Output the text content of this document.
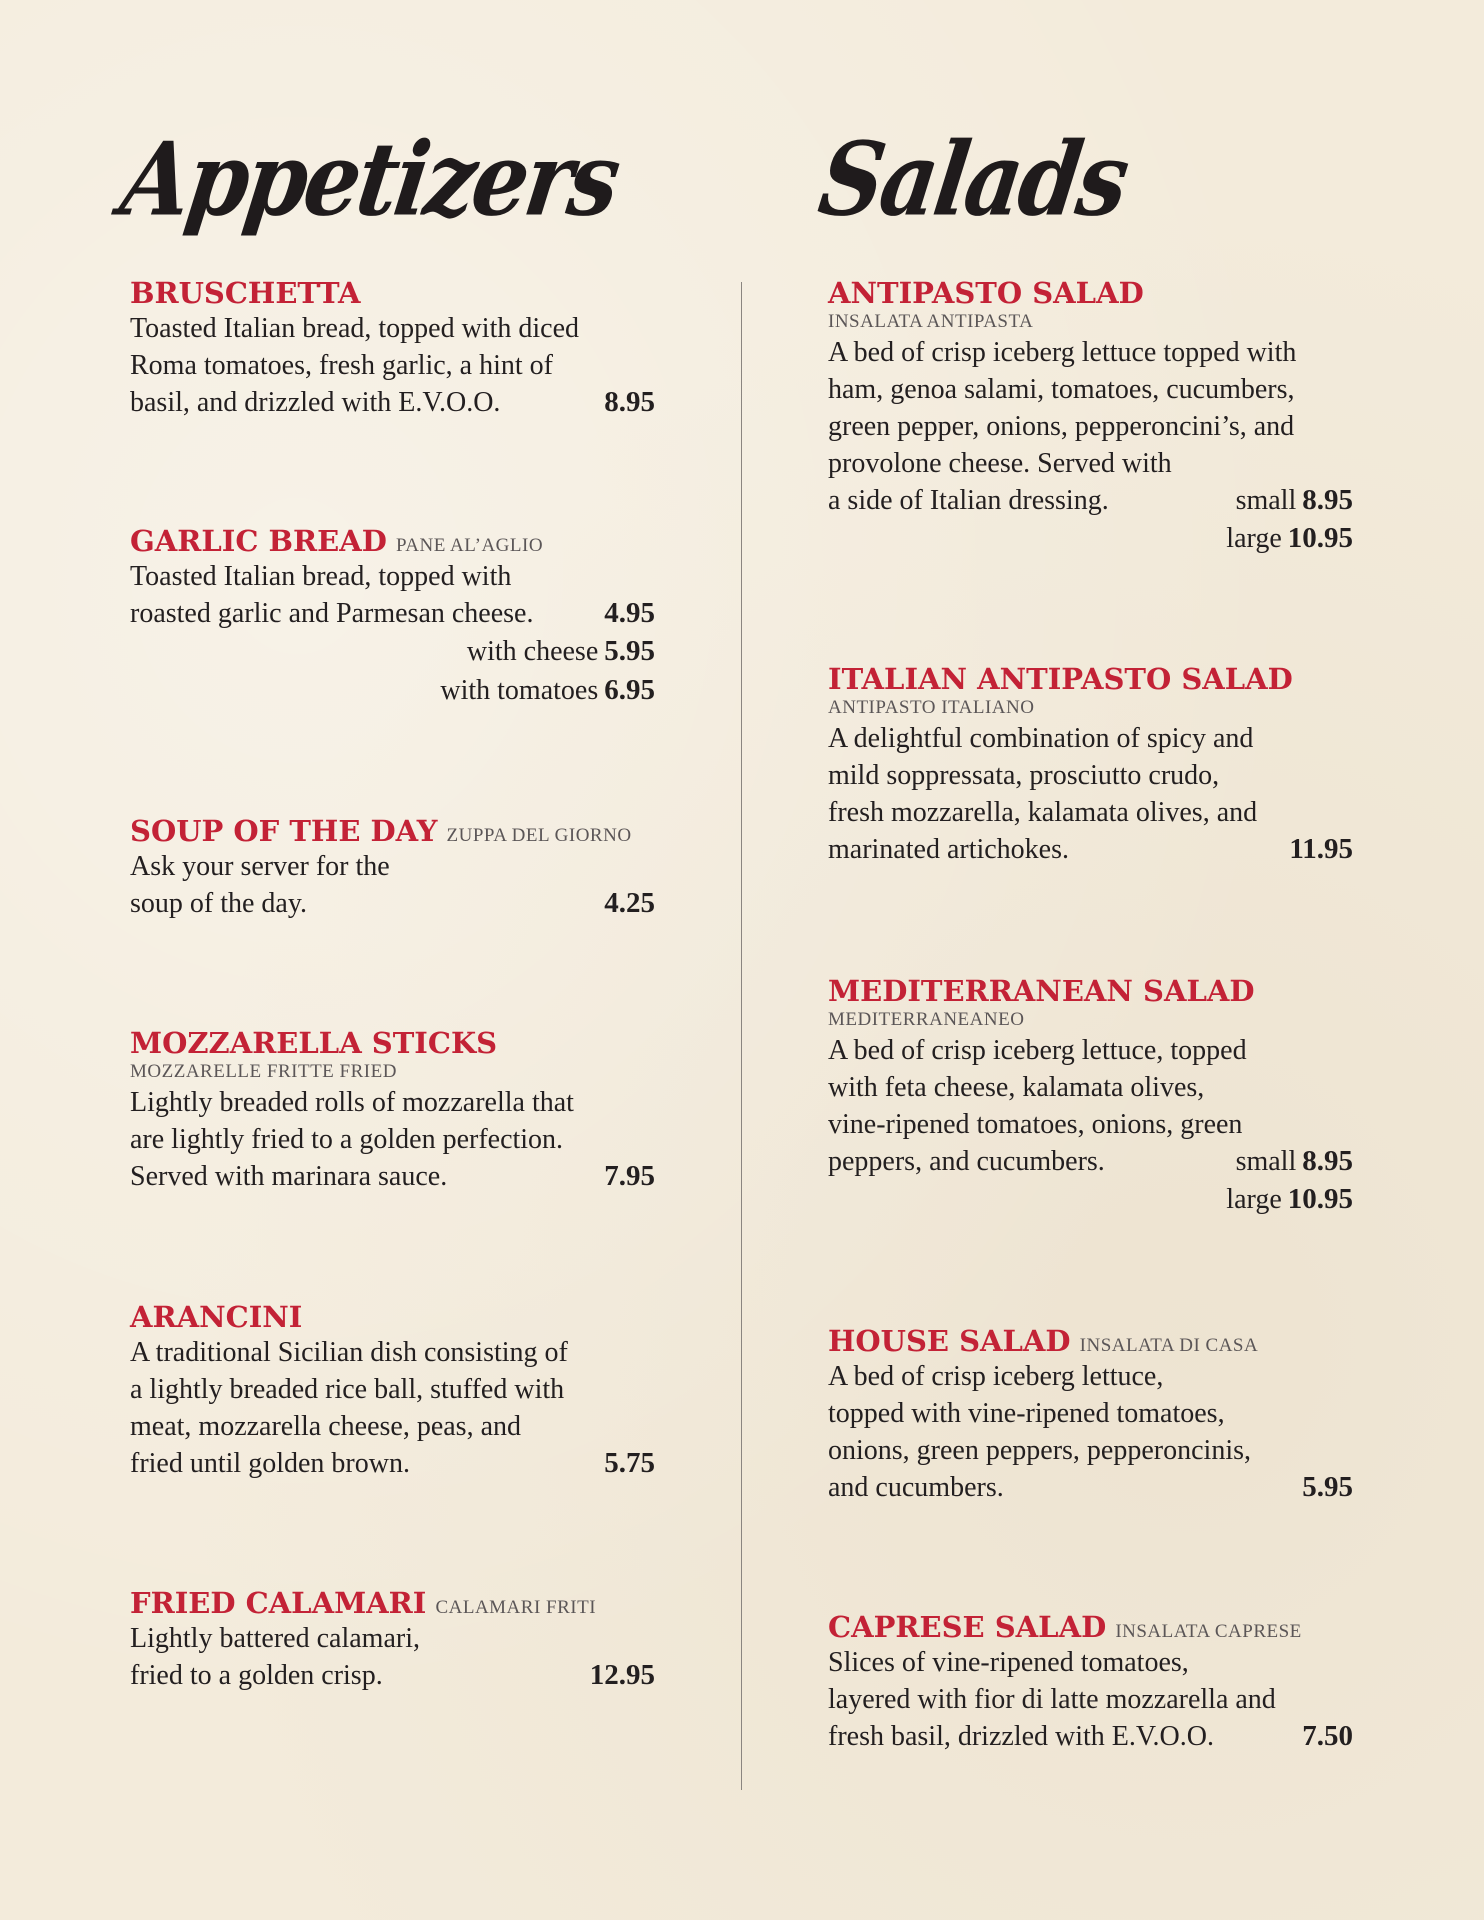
Appetizers
BRUSCHETTA
Toasted Italian bread, topped with diced
Roma tomatoes, fresh garlic, a hint of
basil, and drizzled with E.V.O.O.	8.95
GARLIC BREAD PANE AL’AGLIO
Toasted Italian bread, topped with
roasted garlic and Parmesan cheese. 4.95
with cheese 5.95
with tomatoes 6.95
SOUP OF THE DAY ZUPPA DEL GIORNO
Ask your server for the
soup of the day.	4.25
MOZZARELLA STICKS
MOZZARELLE FRITTE FRIED
Lightly breaded rolls of mozzarella that
are lightly fried to a golden perfection.
Served with marinara sauce.	7.95
ARANCINI
A traditional Sicilian dish consisting of
a lightly breaded rice ball, stuffed with
meat, mozzarella cheese, peas, and
fried until golden brown.	5.75
FRIED CALAMARI CALAMARI FRITI
Lightly battered calamari,
fried to a golden crisp.	12.95
Salads
ANTIPASTO SALAD
INSALATA ANTIPASTA
A bed of crisp iceberg lettuce topped with
ham, genoa salami, tomatoes, cucumbers,
green pepper, onions, pepperoncini’s, and
provolone cheese. Served with
a side of Italian dressing.	small 8.95
large 10.95
ITALIAN ANTIPASTO SALAD
ANTIPASTO ITALIANO
A delightful combination of spicy and
mild soppressata, prosciutto crudo,
fresh mozzarella, kalamata olives, and
marinated artichokes.	11.95
MEDITERRANEAN SALAD
MEDITERRANEANEO
A bed of crisp iceberg lettuce, topped
with feta cheese, kalamata olives,
vine-ripened tomatoes, onions, green
peppers, and cucumbers.	small 8.95
large 10.95
HOUSE SALAD INSALATA DI CASA
A bed of crisp iceberg lettuce,
topped with vine-ripened tomatoes,
onions, green peppers, pepperoncinis,
and cucumbers.	5.95
CAPRESE SALAD INSALATA CAPRESE
Slices of vine-ripened tomatoes,
layered with fior di latte mozzarella and
fresh basil, drizzled with E.V.O.O.	7.50
